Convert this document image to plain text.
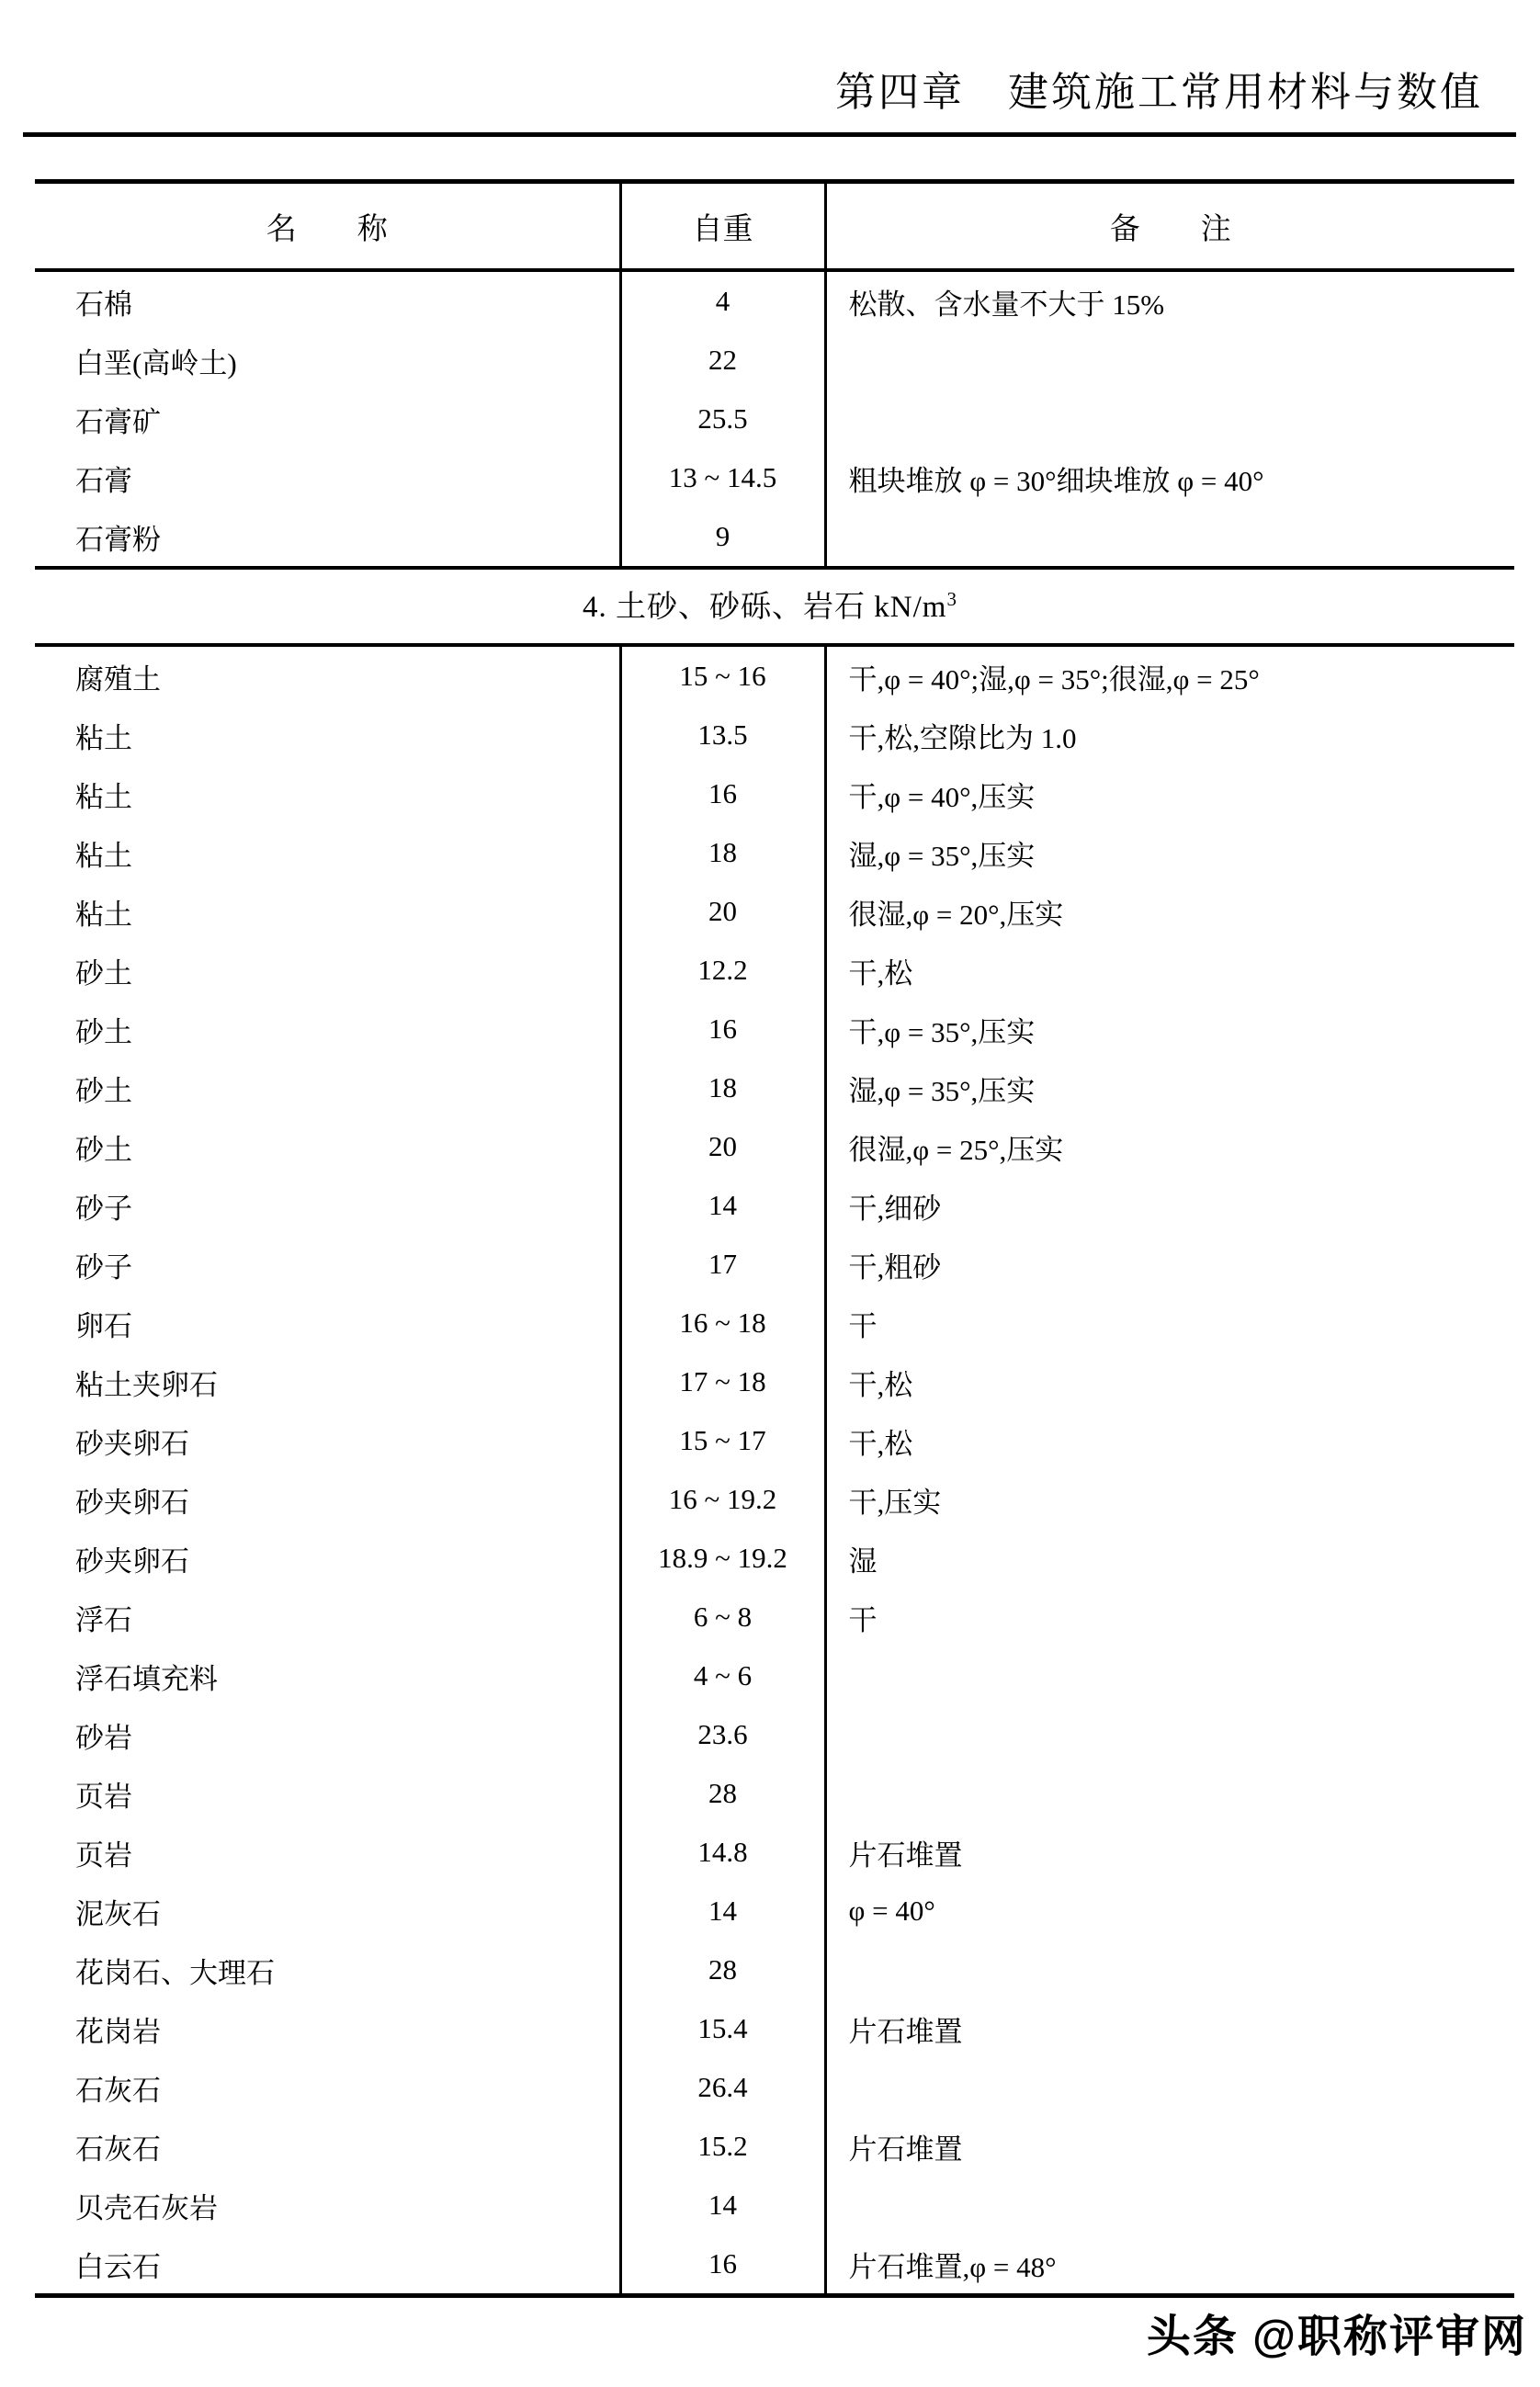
第四章　建筑施工常用材料与数值
名　　称	自重	备　　注
石棉	4	松散、含水量不大于 15%
白垩(高岭土)	22	
石膏矿	25.5	
石膏	13 ~ 14.5	粗块堆放 φ = 30°细块堆放 φ = 40°
石膏粉	9	
4. 土砂、砂砾、岩石 $kN/m^3$
腐殖土	15 ~ 16	干,φ = 40°;湿,φ = 35°;很湿,φ = 25°
粘土	13.5	干,松,空隙比为 1.0
粘土	16	干,φ = 40°,压实
粘土	18	湿,φ = 35°,压实
粘土	20	很湿,φ = 20°,压实
砂土	12.2	干,松
砂土	16	干,φ = 35°,压实
砂土	18	湿,φ = 35°,压实
砂土	20	很湿,φ = 25°,压实
砂子	14	干,细砂
砂子	17	干,粗砂
卵石	16 ~ 18	干
粘土夹卵石	17 ~ 18	干,松
砂夹卵石	15 ~ 17	干,松
砂夹卵石	16 ~ 19.2	干,压实
砂夹卵石	18.9 ~ 19.2	湿
浮石	6 ~ 8	干
浮石填充料	4 ~ 6	
砂岩	23.6	
页岩	28	
页岩	14.8	片石堆置
泥灰石	14	φ = 40°
花岗石、大理石	28	
花岗岩	15.4	片石堆置
石灰石	26.4	
石灰石	15.2	片石堆置
贝壳石灰岩	14	
白云石	16	片石堆置,φ = 48°
头条 @职称评审网
